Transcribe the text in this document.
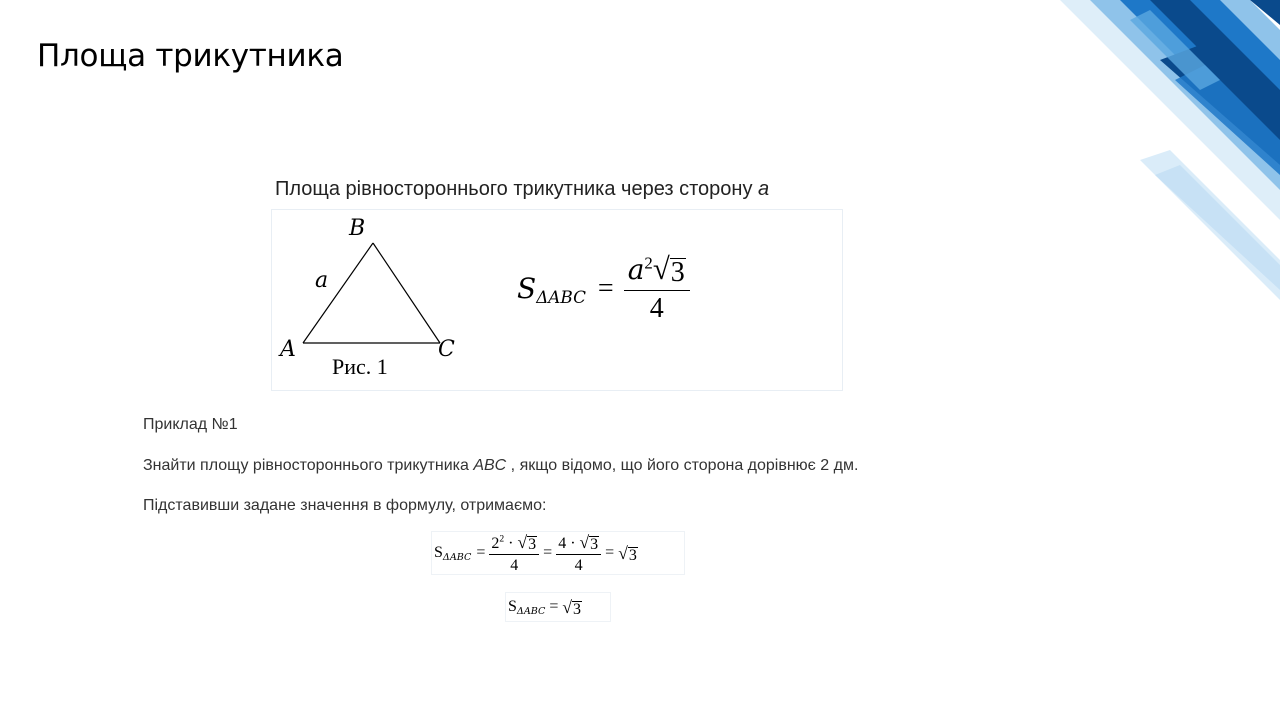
Площа трикутника
Площа рівностороннього трикутника через сторону a
B
a
A	C
Рис. 1
$S_{\Delta ABC} = \frac{a^2 √ 3}{4}$
Приклад №1
Знайти площу рівностороннього трикутника ABC , якщо відомо, що його сторона дорівнює 2 дм.
Підставивши задане значення в формулу, отримаємо:
$S_{\Delta ABC} = \frac{2^2 \cdot √ 3}{4} = \frac{4 \cdot √ 3}{4}$ = √ 3
$S_{\Delta ABC}$ = √ 3
